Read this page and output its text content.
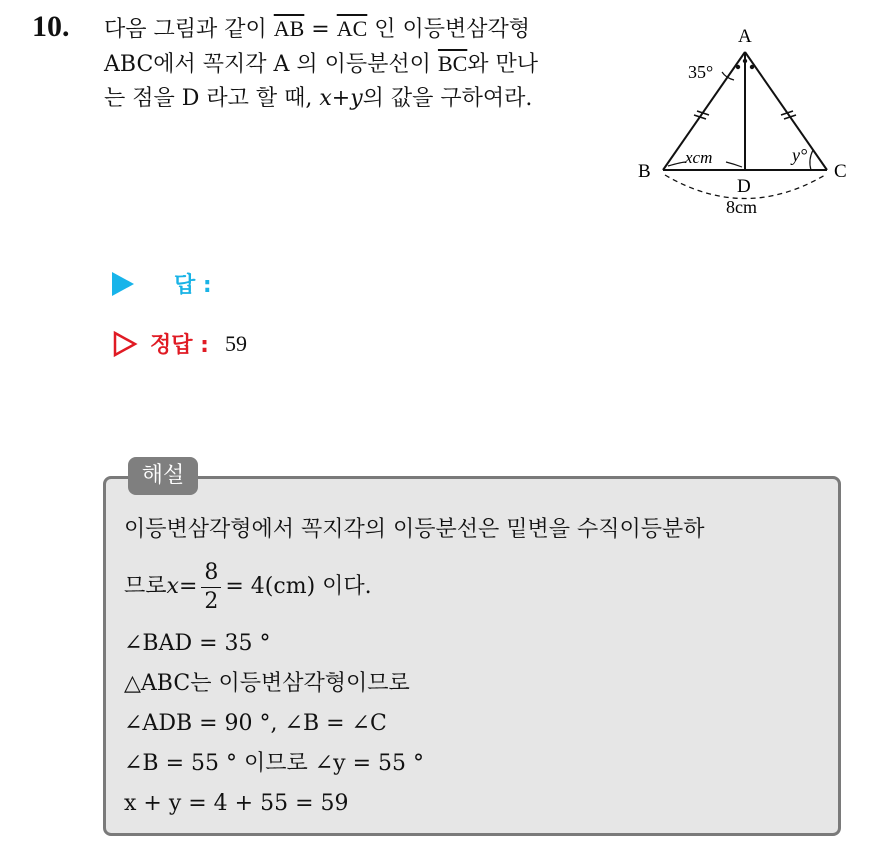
10. 다음 그림과 같이 $\overline{AB} = \overline{AC}$ 인 이등변삼각형
ABC에서 꼭지각 A 의 이등분선이 $\overline{BC}$와 만나
는 점을 D 라고 할 때, x+y의 값을 구하여라.
A
B	C
D
35°
y°
xcm
8cm
답 :
정답 : 59
해설
이등변삼각형에서 꼭지각의 이등분선은 밑변을 수직이등분하
므로 $x = \frac{8}{2} = 4(cm)$ 이다.
∠BAD = 35 °
△ABC는 이등변삼각형이므로
∠ADB = 90 °, ∠B = ∠C
∠B = 55 ° 이므로 ∠y = 55 °
x + y = 4 + 55 = 59
